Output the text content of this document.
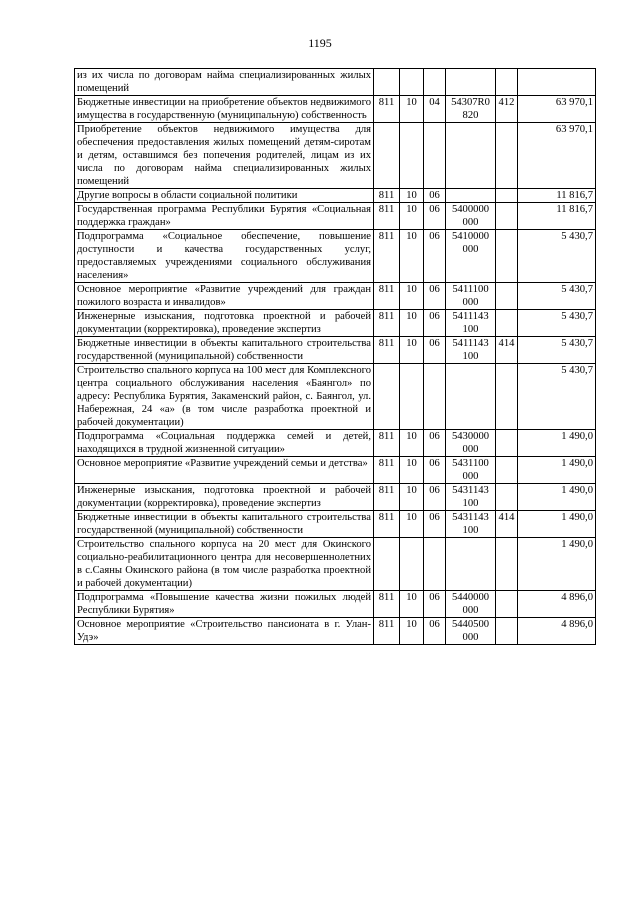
1195
из их числа по договорам найма специализированных жилых помещений						
Бюджетные инвестиции на приобретение объектов недвижимого имущества в государственную (муниципальную) собственность	811	10	04	54307R0 820	412	63 970,1
Приобретение объектов недвижимого имущества для обеспечения предоставления жилых помещений детям-сиротам и детям, оставшимся без попечения родителей, лицам из их числа по договорам найма специализированных жилых помещений						63 970,1
Другие вопросы в области социальной политики	811	10	06			11 816,7
Государственная программа Республики Бурятия «Социальная поддержка граждан»	811	10	06	5400000 000		11 816,7
Подпрограмма «Социальное обеспечение, повышение доступности и качества государственных услуг, предоставляемых учреждениями социального обслуживания населения»	811	10	06	5410000 000		5 430,7
Основное мероприятие «Развитие учреждений для граждан пожилого возраста и инвалидов»	811	10	06	5411100 000		5 430,7
Инженерные изыскания, подготовка проектной и рабочей документации (корректировка), проведение экспертиз	811	10	06	5411143 100		5 430,7
Бюджетные инвестиции в объекты капитального строительства государственной (муниципальной) собственности	811	10	06	5411143 100	414	5 430,7
Строительство спального корпуса на 100 мест для Комплексного центра социального обслуживания населения «Баянгол» по адресу: Республика Бурятия, Закаменский район, с. Баянгол, ул. Набережная, 24 «а» (в том числе разработка проектной и рабочей документации)						5 430,7
Подпрограмма «Социальная поддержка семей и детей, находящихся в трудной жизненной ситуации»	811	10	06	5430000 000		1 490,0
Основное мероприятие «Развитие учреждений семьи и детства»	811	10	06	5431100 000		1 490,0
Инженерные изыскания, подготовка проектной и рабочей документации (корректировка), проведение экспертиз	811	10	06	5431143 100		1 490,0
Бюджетные инвестиции в объекты капитального строительства государственной (муниципальной) собственности	811	10	06	5431143 100	414	1 490,0
Строительство спального корпуса на 20 мест для Окинского социально-реабилитационного центра для несовершеннолетних в с.Саяны Окинского района (в том числе разработка проектной и рабочей документации)						1 490,0
Подпрограмма «Повышение качества жизни пожилых людей Республики Бурятия»	811	10	06	5440000 000		4 896,0
Основное мероприятие «Строительство пансионата в г. Улан-Удэ»	811	10	06	5440500 000		4 896,0
